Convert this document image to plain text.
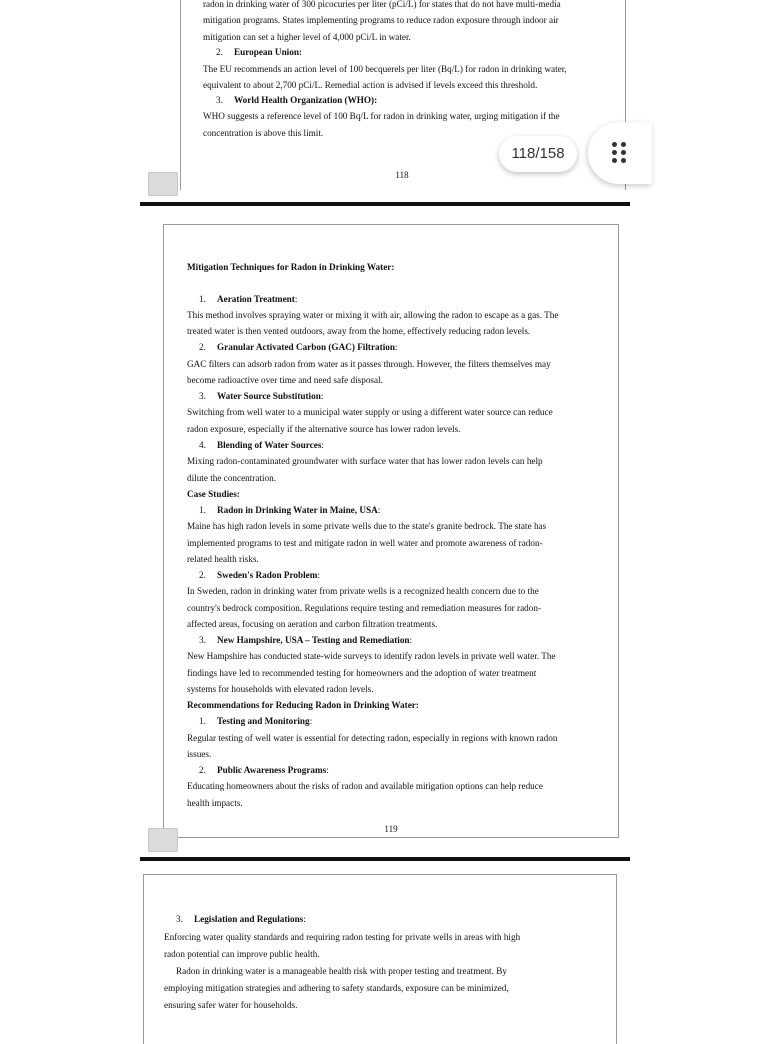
radon in drinking water of 300 picocuries per liter (pCi/L) for states that do not have multi-media

mitigation programs. States implementing programs to reduce radon exposure through indoor air

mitigation can set a higher level of 4,000 pCi/L in water.

2. European Union:

The EU recommends an action level of 100 becquerels per liter (Bq/L) for radon in drinking water,

equivalent to about 2,700 pCi/L. Remedial action is advised if levels exceed this threshold.

3. World Health Organization (WHO):

WHO suggests a reference level of 100 Bq/L for radon in drinking water, urging mitigation if the

concentration is above this limit.

118

118/158

Mitigation Techniques for Radon in Drinking Water:

1. Aeration Treatment:

This method involves spraying water or mixing it with air, allowing the radon to escape as a gas. The

treated water is then vented outdoors, away from the home, effectively reducing radon levels.

2. Granular Activated Carbon (GAC) Filtration:

GAC filters can adsorb radon from water as it passes through. However, the filters themselves may

become radioactive over time and need safe disposal.

3. Water Source Substitution:

Switching from well water to a municipal water supply or using a different water source can reduce

radon exposure, especially if the alternative source has lower radon levels.

4. Blending of Water Sources:

Mixing radon-contaminated groundwater with surface water that has lower radon levels can help

dilute the concentration.

Case Studies:

1. Radon in Drinking Water in Maine, USA:

Maine has high radon levels in some private wells due to the state's granite bedrock. The state has

implemented programs to test and mitigate radon in well water and promote awareness of radon-

related health risks.

2. Sweden's Radon Problem:

In Sweden, radon in drinking water from private wells is a recognized health concern due to the

country's bedrock composition. Regulations require testing and remediation measures for radon-

affected areas, focusing on aeration and carbon filtration treatments.

3. New Hampshire, USA – Testing and Remediation:

New Hampshire has conducted state-wide surveys to identify radon levels in private well water. The

findings have led to recommended testing for homeowners and the adoption of water treatment

systems for households with elevated radon levels.

Recommendations for Reducing Radon in Drinking Water:

1. Testing and Monitoring:

Regular testing of well water is essential for detecting radon, especially in regions with known radon

issues.

2. Public Awareness Programs:

Educating homeowners about the risks of radon and available mitigation options can help reduce

health impacts.

119

3. Legislation and Regulations:

Enforcing water quality standards and requiring radon testing for private wells in areas with high

radon potential can improve public health.

Radon in drinking water is a manageable health risk with proper testing and treatment. By

employing mitigation strategies and adhering to safety standards, exposure can be minimized,

ensuring safer water for households.
